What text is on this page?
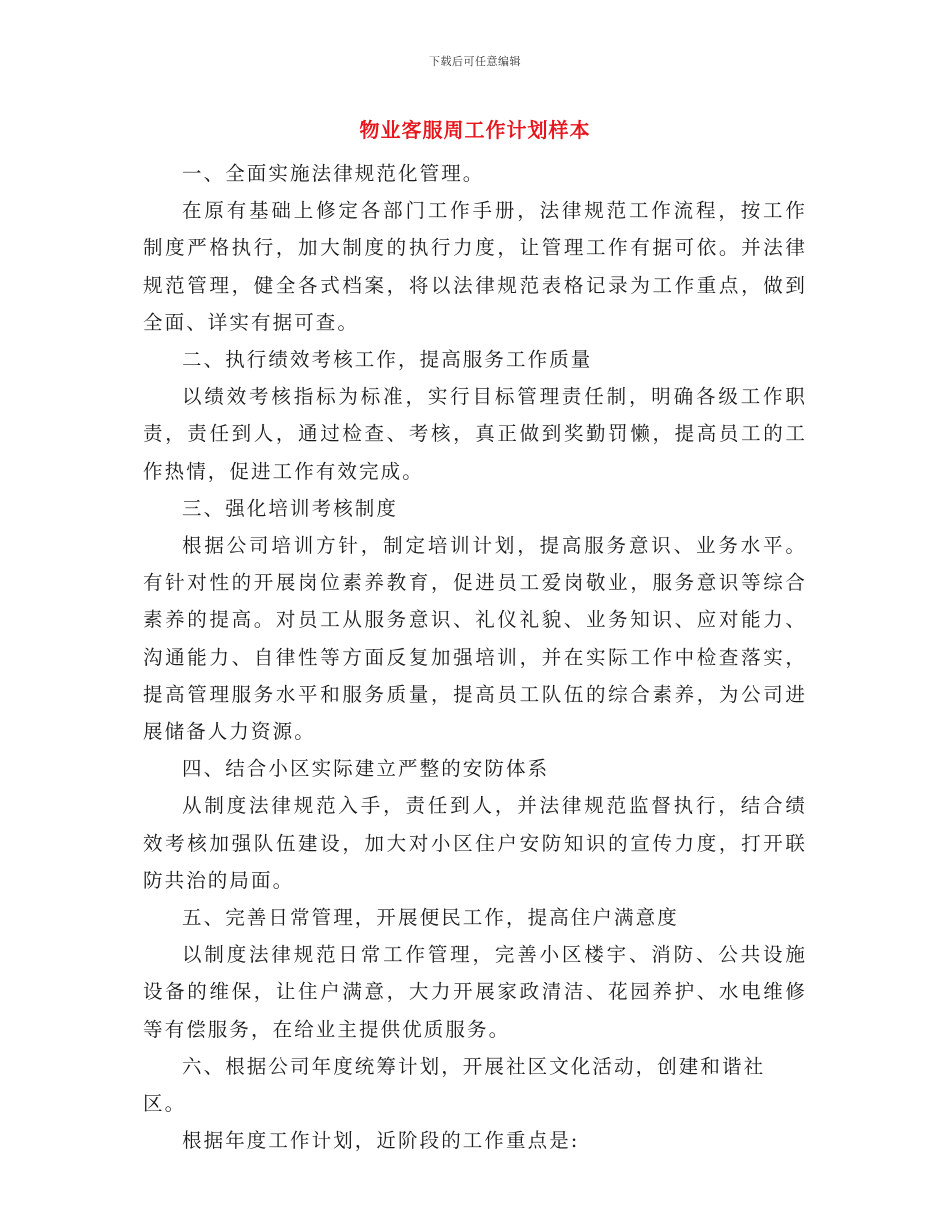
下载后可任意编辑
物业客服周工作计划样本

一、全面实施法律规范化管理。

在原有基础上修定各部门工作手册，法律规范工作流程，按工作制度严格执行，加大制度的执行力度，让管理工作有据可依。并法律规范管理，健全各式档案，将以法律规范表格记录为工作重点，做到全面、详实有据可查。

二、执行绩效考核工作，提高服务工作质量

以绩效考核指标为标准，实行目标管理责任制，明确各级工作职责，责任到人，通过检查、考核，真正做到奖勤罚懒，提高员工的工作热情，促进工作有效完成。

三、强化培训考核制度

根据公司培训方针，制定培训计划，提高服务意识、业务水平。有针对性的开展岗位素养教育，促进员工爱岗敬业，服务意识等综合素养的提高。对员工从服务意识、礼仪礼貌、业务知识、应对能力、沟通能力、自律性等方面反复加强培训，并在实际工作中检查落实，提高管理服务水平和服务质量，提高员工队伍的综合素养，为公司进展储备人力资源。

四、结合小区实际建立严整的安防体系

从制度法律规范入手，责任到人，并法律规范监督执行，结合绩效考核加强队伍建设，加大对小区住户安防知识的宣传力度，打开联防共治的局面。

五、完善日常管理，开展便民工作，提高住户满意度

以制度法律规范日常工作管理，完善小区楼宇、消防、公共设施设备的维保，让住户满意，大力开展家政清洁、花园养护、水电维修等有偿服务，在给业主提供优质服务。

六、根据公司年度统筹计划，开展社区文化活动，创建和谐社区。

根据年度工作计划，近阶段的工作重点是:
